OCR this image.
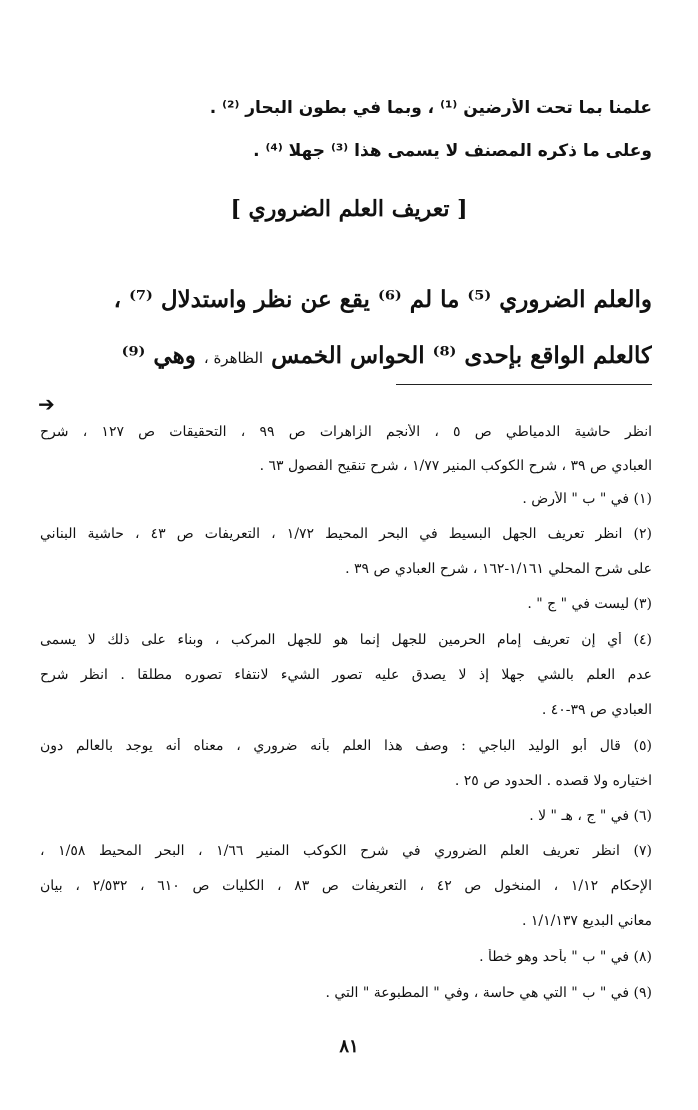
علمنا بما تحت الأرضين ⁽¹⁾ ، وبما في بطون البحار ⁽²⁾ .
وعلى ما ذكره المصنف لا يسمى هذا ⁽³⁾ جهلا ⁽⁴⁾ .
[ تعريف العلم الضروري ]
والعلم الضروري ⁽⁵⁾ ما لم ⁽⁶⁾ يقع عن نظر واستدلال ⁽⁷⁾ ،
كالعلم الواقع بإحدى ⁽⁸⁾ الحواس الخمس الظاهرة ، وهي ⁽⁹⁾
➔
انظر حاشية الدمياطي ص ٥ ، الأنجم الزاهرات ص ٩٩ ، التحقيقات ص ١٢٧ ، شرح
العبادي ص ٣٩ ، شرح الكوكب المنير ١/٧٧ ، شرح تنقيح الفصول ٦٣ .
(١) في " ب " الأرض .
(٢) انظر تعريف الجهل البسيط في البحر المحيط ١/٧٢ ، التعريفات ص ٤٣ ، حاشية البناني
على شرح المحلي ١/١٦١-١٦٢ ، شرح العبادي ص ٣٩ .
(٣) ليست في " ج " .
(٤) أي إن تعريف إمام الحرمين للجهل إنما هو للجهل المركب ، وبناء على ذلك لا يسمى
عدم العلم بالشي جهلا إذ لا يصدق عليه تصور الشيء لانتفاء تصوره مطلقا . انظر شرح
العبادي ص ٣٩-٤٠ .
(٥) قال أبو الوليد الباجي : وصف هذا العلم بأنه ضروري ، معناه أنه يوجد بالعالم دون
اختياره ولا قصده . الحدود ص ٢٥ .
(٦) في " ج ، هـ " لا .
(٧) انظر تعريف العلم الضروري في شرح الكوكب المنير ١/٦٦ ، البحر المحيط ١/٥٨ ،
الإحكام ١/١٢ ، المنخول ص ٤٢ ، التعريفات ص ٨٣ ، الكليات ص ٦١٠ ، ٢/٥٣٢ ، بيان
معاني البديع ١/١/١٣٧ .
(٨) في " ب " بأحد وهو خطأ .
(٩) في " ب " التي هي حاسة ، وفي " المطبوعة " التي .
٨١
